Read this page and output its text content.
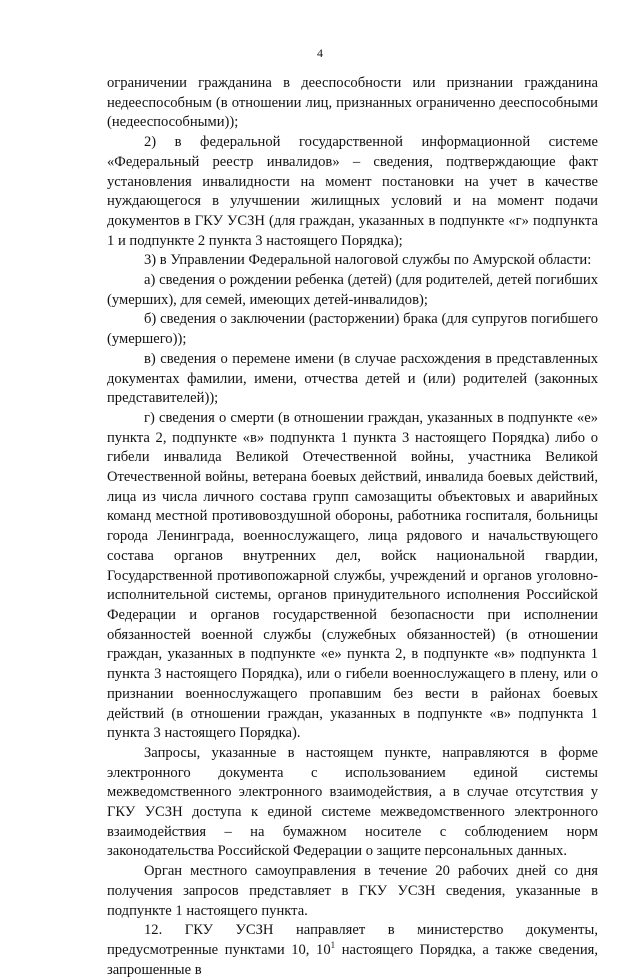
4

ограничении гражданина в дееспособности или признании гражданина недееспособным (в отношении лиц, признанных ограниченно дееспособными (недееспособными));

2) в федеральной государственной информационной системе «Федеральный реестр инвалидов» – сведения, подтверждающие факт установления инвалидности на момент постановки на учет в качестве нуждающегося в улучшении жилищных условий и на момент подачи документов в ГКУ УСЗН (для граждан, указанных в подпункте «г» подпункта 1 и подпункте 2 пункта 3 настоящего Порядка);

3) в Управлении Федеральной налоговой службы по Амурской области:

а) сведения о рождении ребенка (детей) (для родителей, детей погибших (умерших), для семей, имеющих детей-инвалидов);

б) сведения о заключении (расторжении) брака (для супругов погибшего (умершего));

в) сведения о перемене имени (в случае расхождения в представленных документах фамилии, имени, отчества детей и (или) родителей (законных представителей));

г) сведения о смерти (в отношении граждан, указанных в подпункте «е» пункта 2, подпункте «в» подпункта 1 пункта 3 настоящего Порядка) либо о гибели инвалида Великой Отечественной войны, участника Великой Отечественной войны, ветерана боевых действий, инвалида боевых действий, лица из числа личного состава групп самозащиты объектовых и аварийных команд местной противовоздушной обороны, работника госпиталя, больницы города Ленинграда, военнослужащего, лица рядового и начальствующего состава органов внутренних дел, войск национальной гвардии, Государственной противопожарной службы, учреждений и органов уголовно-исполнительной системы, органов принудительного исполнения Российской Федерации и органов государственной безопасности при исполнении обязанностей военной службы (служебных обязанностей) (в отношении граждан, указанных в подпункте «е» пункта 2, в подпункте «в» подпункта 1 пункта 3 настоящего Порядка), или о гибели военнослужащего в плену, или о признании военнослужащего пропавшим без вести в районах боевых действий (в отношении граждан, указанных в подпункте «в» подпункта 1 пункта 3 настоящего Порядка).

Запросы, указанные в настоящем пункте, направляются в форме электронного документа с использованием единой системы межведомственного электронного взаимодействия, а в случае отсутствия у ГКУ УСЗН доступа к единой системе межведомственного электронного взаимодействия – на бумажном носителе с соблюдением норм законодательства Российской Федерации о защите персональных данных.

Орган местного самоуправления в течение 20 рабочих дней со дня получения запросов представляет в ГКУ УСЗН сведения, указанные в подпункте 1 настоящего пункта.

12. ГКУ УСЗН направляет в министерство документы, предусмотренные пунктами 10, $10^1$ настоящего Порядка, а также сведения, запрошенные в
